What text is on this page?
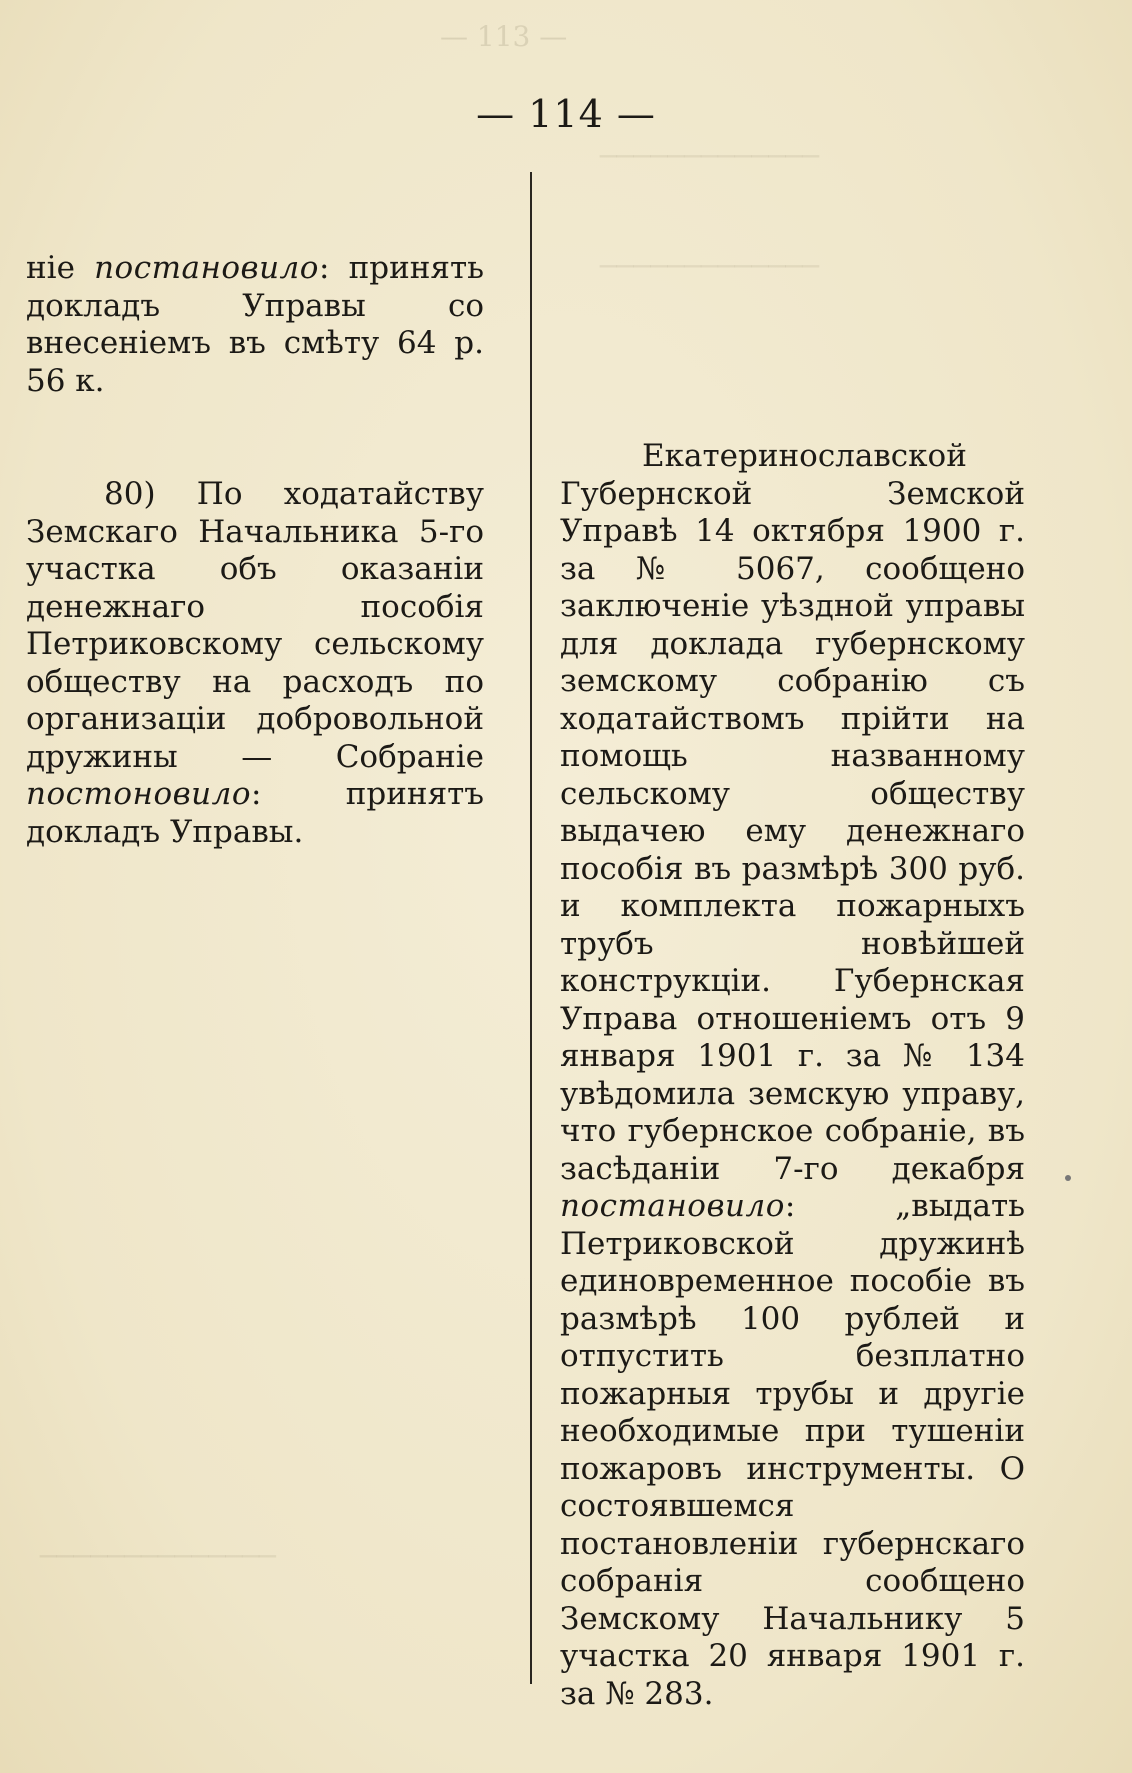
— 113 —
─────────────
─────────────
──────────────
— 114 —

ніе постановило: принять докладъ Управы со внесеніемъ въ смѣту 64 р. 56 к.

80) По ходатайству Земскаго Начальника 5-го участка объ оказаніи денежнаго пособія Петриковскому сельскому обществу на расходъ по организаціи добровольной дружины — Собраніе постоновило: принятъ докладъ Управы.

Екатеринославской Губернской Земской Управѣ 14 октября 1900 г. за № 5067, сообщено заключеніе уѣздной управы для доклада губернскому земскому собранію съ ходатайствомъ прійти на помощь названному сельскому обществу выдачею ему денежнаго пособія въ размѣрѣ 300 руб. и комплекта пожарныхъ трубъ новѣйшей конструкціи. Губернская Управа отношеніемъ отъ 9 января 1901 г. за № 134 увѣдомила земскую управу, что губернское собраніе, въ засѣданіи 7-го декабря постановило: „выдать Петриковской дружинѣ единовременное пособіе въ размѣрѣ 100 рублей и отпустить безплатно пожарныя трубы и другіе необходимые при тушеніи пожаровъ инструменты. О состоявшемся постановленіи губернскаго собранія сообщено Земскому Начальнику 5 участка 20 января 1901 г. за № 283.
